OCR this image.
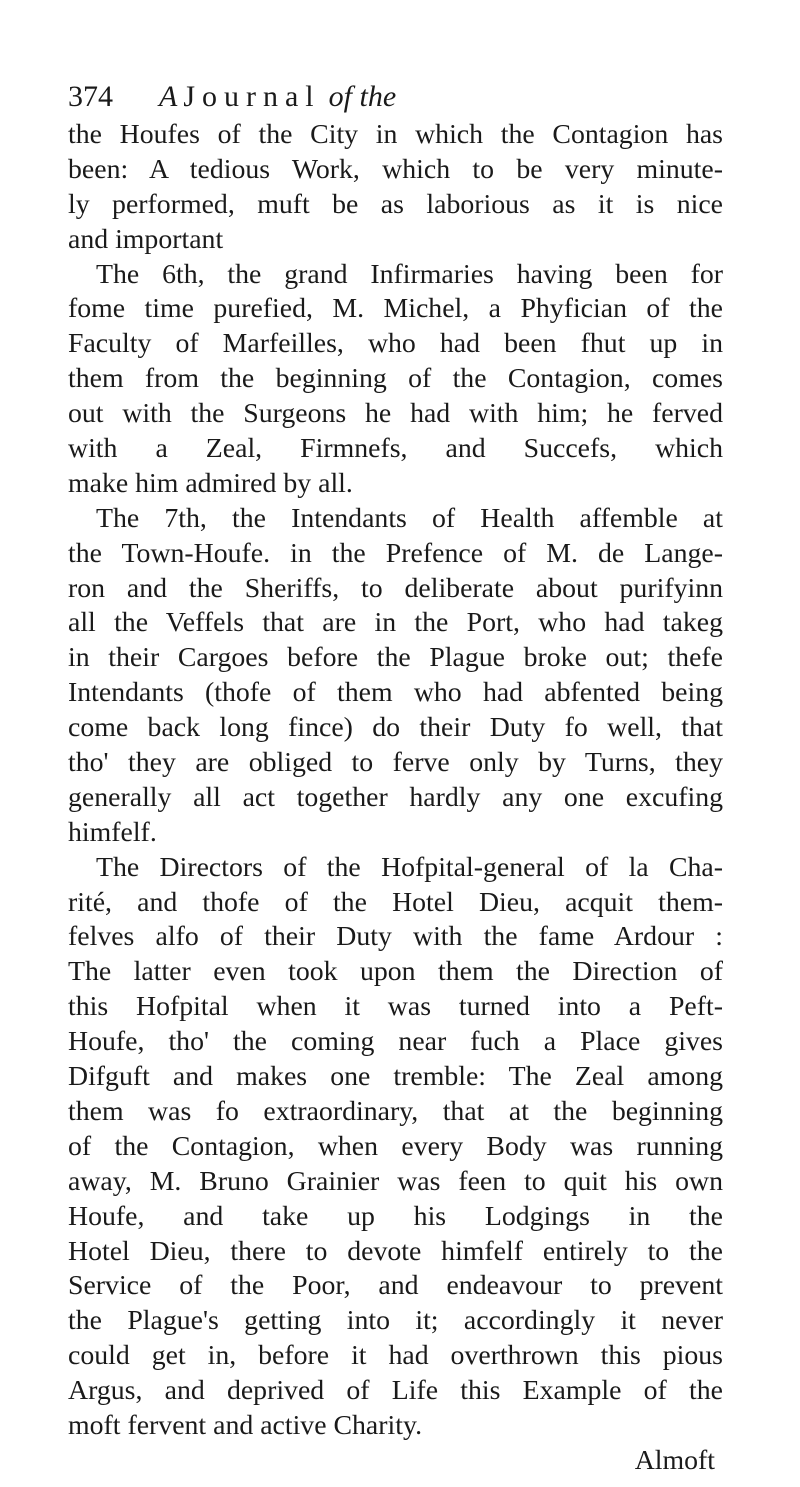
374 A Journal of the
the Houfes of the City in which the Contagion has
been: A tedious Work, which to be very minute-
ly performed, muft be as laborious as it is nice
and important
The 6th, the grand Infirmaries having been for
fome time purefied, M. Michel, a Phyfician of the
Faculty of Marfeilles, who had been fhut up in
them from the beginning of the Contagion, comes
out with the Surgeons he had with him; he ferved
with a Zeal, Firmnefs, and Succefs, which
make him admired by all.
The 7th, the Intendants of Health affemble at
the Town-Houfe. in the Prefence of M. de Lange-
ron and the Sheriffs, to deliberate about purifyinn
all the Veffels that are in the Port, who had takeg
in their Cargoes before the Plague broke out; thefe
Intendants (thofe of them who had abfented being
come back long fince) do their Duty fo well, that
tho' they are obliged to ferve only by Turns, they
generally all act together hardly any one excufing
himfelf.
The Directors of the Hofpital-general of la Cha-
rité, and thofe of the Hotel Dieu, acquit them-
felves alfo of their Duty with the fame Ardour :
The latter even took upon them the Direction of
this Hofpital when it was turned into a Peft-
Houfe, tho' the coming near fuch a Place gives
Difguft and makes one tremble: The Zeal among
them was fo extraordinary, that at the beginning
of the Contagion, when every Body was running
away, M. Bruno Grainier was feen to quit his own
Houfe, and take up his Lodgings in the
Hotel Dieu, there to devote himfelf entirely to the
Service of the Poor, and endeavour to prevent
the Plague's getting into it; accordingly it never
could get in, before it had overthrown this pious
Argus, and deprived of Life this Example of the
moft fervent and active Charity.
Almoft
